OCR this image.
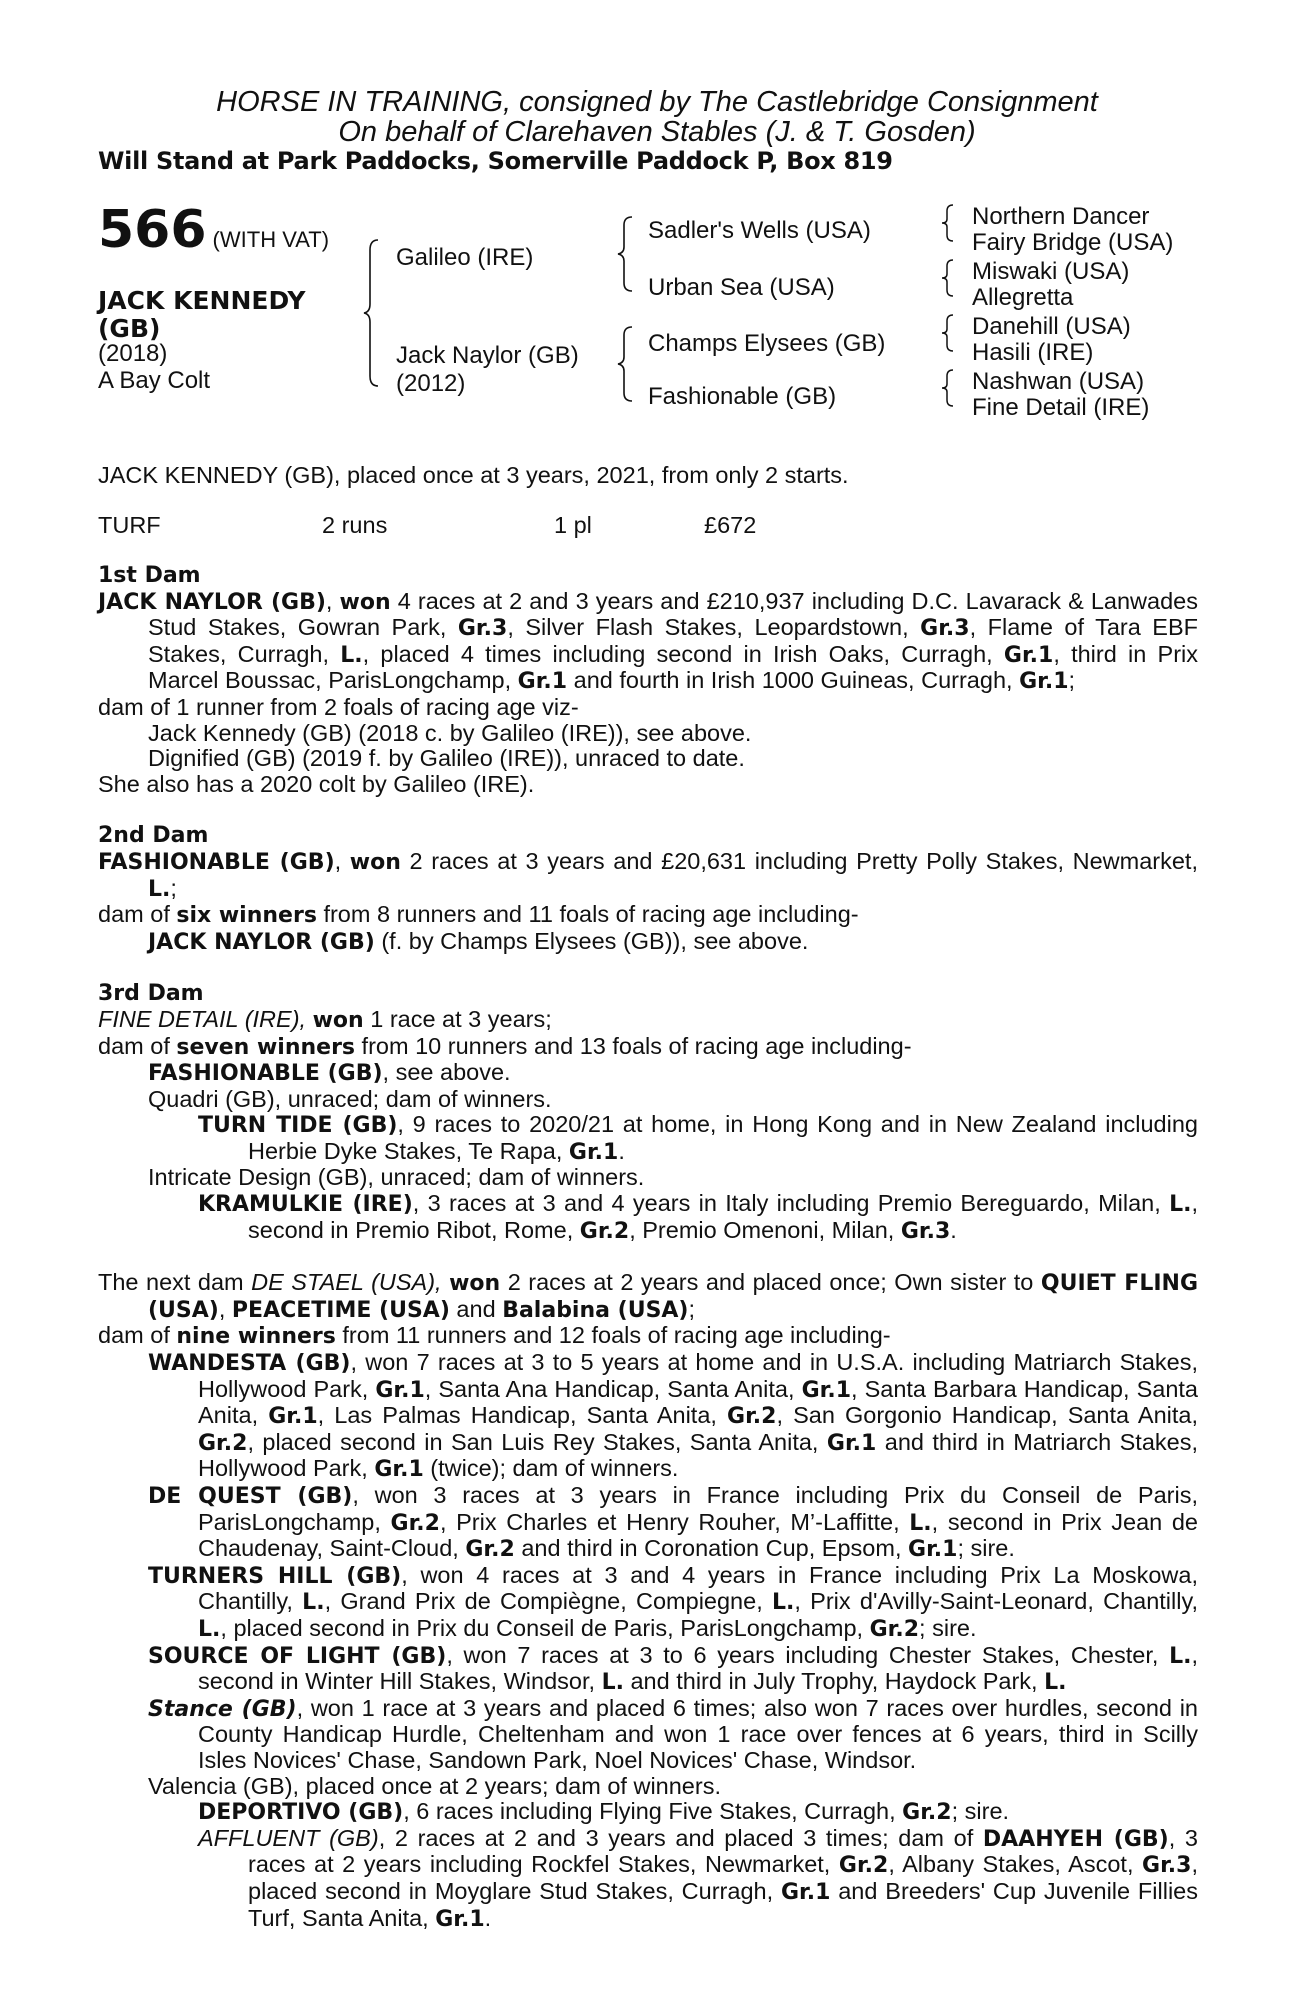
HORSE IN TRAINING, consigned by The Castlebridge Consignment
On behalf of Clarehaven Stables (J. & T. Gosden)
Will Stand at Park Paddocks, Somerville Paddock P, Box 819
566 (WITH VAT)
JACK KENNEDY
(GB)
(2018)
A Bay Colt
Galileo (IRE)
Jack Naylor (GB)
(2012)
Sadler's Wells (USA)
Urban Sea (USA)
Champs Elysees (GB)
Fashionable (GB)
Northern Dancer
Fairy Bridge (USA)
Miswaki (USA)
Allegretta
Danehill (USA)
Hasili (IRE)
Nashwan (USA)
Fine Detail (IRE)
JACK KENNEDY (GB), placed once at 3 years, 2021, from only 2 starts.
TURF	2 runs	1 pl	£672

1st Dam

JACK NAYLOR (GB), won 4 races at 2 and 3 years and £210,937 including D.C. Lavarack & Lanwades Stud Stakes, Gowran Park, Gr.3, Silver Flash Stakes, Leopardstown, Gr.3, Flame of Tara EBF Stakes, Curragh, L., placed 4 times including second in Irish Oaks, Curragh, Gr.1, third in Prix Marcel Boussac, ParisLongchamp, Gr.1 and fourth in Irish 1000 Guineas, Curragh, Gr.1;

dam of 1 runner from 2 foals of racing age viz-

Jack Kennedy (GB) (2018 c. by Galileo (IRE)), see above.

Dignified (GB) (2019 f. by Galileo (IRE)), unraced to date.

She also has a 2020 colt by Galileo (IRE).

2nd Dam

FASHIONABLE (GB), won 2 races at 3 years and £20,631 including Pretty Polly Stakes, Newmarket, L.;

dam of six winners from 8 runners and 11 foals of racing age including-

JACK NAYLOR (GB) (f. by Champs Elysees (GB)), see above.

3rd Dam

FINE DETAIL (IRE), won 1 race at 3 years;

dam of seven winners from 10 runners and 13 foals of racing age including-

FASHIONABLE (GB), see above.

Quadri (GB), unraced; dam of winners.

TURN TIDE (GB), 9 races to 2020/21 at home, in Hong Kong and in New Zealand including Herbie Dyke Stakes, Te Rapa, Gr.1.

Intricate Design (GB), unraced; dam of winners.

KRAMULKIE (IRE), 3 races at 3 and 4 years in Italy including Premio Bereguardo, Milan, L., second in Premio Ribot, Rome, Gr.2, Premio Omenoni, Milan, Gr.3.

The next dam DE STAEL (USA), won 2 races at 2 years and placed once; Own sister to QUIET FLING (USA), PEACETIME (USA) and Balabina (USA);

dam of nine winners from 11 runners and 12 foals of racing age including-

WANDESTA (GB), won 7 races at 3 to 5 years at home and in U.S.A. including Matriarch Stakes, Hollywood Park, Gr.1, Santa Ana Handicap, Santa Anita, Gr.1, Santa Barbara Handicap, Santa Anita, Gr.1, Las Palmas Handicap, Santa Anita, Gr.2, San Gorgonio Handicap, Santa Anita, Gr.2, placed second in San Luis Rey Stakes, Santa Anita, Gr.1 and third in Matriarch Stakes, Hollywood Park, Gr.1 (twice); dam of winners.

DE QUEST (GB), won 3 races at 3 years in France including Prix du Conseil de Paris, ParisLongchamp, Gr.2, Prix Charles et Henry Rouher, M’-Laffitte, L., second in Prix Jean de Chaudenay, Saint-Cloud, Gr.2 and third in Coronation Cup, Epsom, Gr.1; sire.

TURNERS HILL (GB), won 4 races at 3 and 4 years in France including Prix La Moskowa, Chantilly, L., Grand Prix de Compiègne, Compiegne, L., Prix d'Avilly-Saint-Leonard, Chantilly, L., placed second in Prix du Conseil de Paris, ParisLongchamp, Gr.2; sire.

SOURCE OF LIGHT (GB), won 7 races at 3 to 6 years including Chester Stakes, Chester, L., second in Winter Hill Stakes, Windsor, L. and third in July Trophy, Haydock Park, L.

Stance (GB), won 1 race at 3 years and placed 6 times; also won 7 races over hurdles, second in County Handicap Hurdle, Cheltenham and won 1 race over fences at 6 years, third in Scilly Isles Novices' Chase, Sandown Park, Noel Novices' Chase, Windsor.

Valencia (GB), placed once at 2 years; dam of winners.

DEPORTIVO (GB), 6 races including Flying Five Stakes, Curragh, Gr.2; sire.

AFFLUENT (GB), 2 races at 2 and 3 years and placed 3 times; dam of DAAHYEH (GB), 3 races at 2 years including Rockfel Stakes, Newmarket, Gr.2, Albany Stakes, Ascot, Gr.3, placed second in Moyglare Stud Stakes, Curragh, Gr.1 and Breeders' Cup Juvenile Fillies Turf, Santa Anita, Gr.1.
